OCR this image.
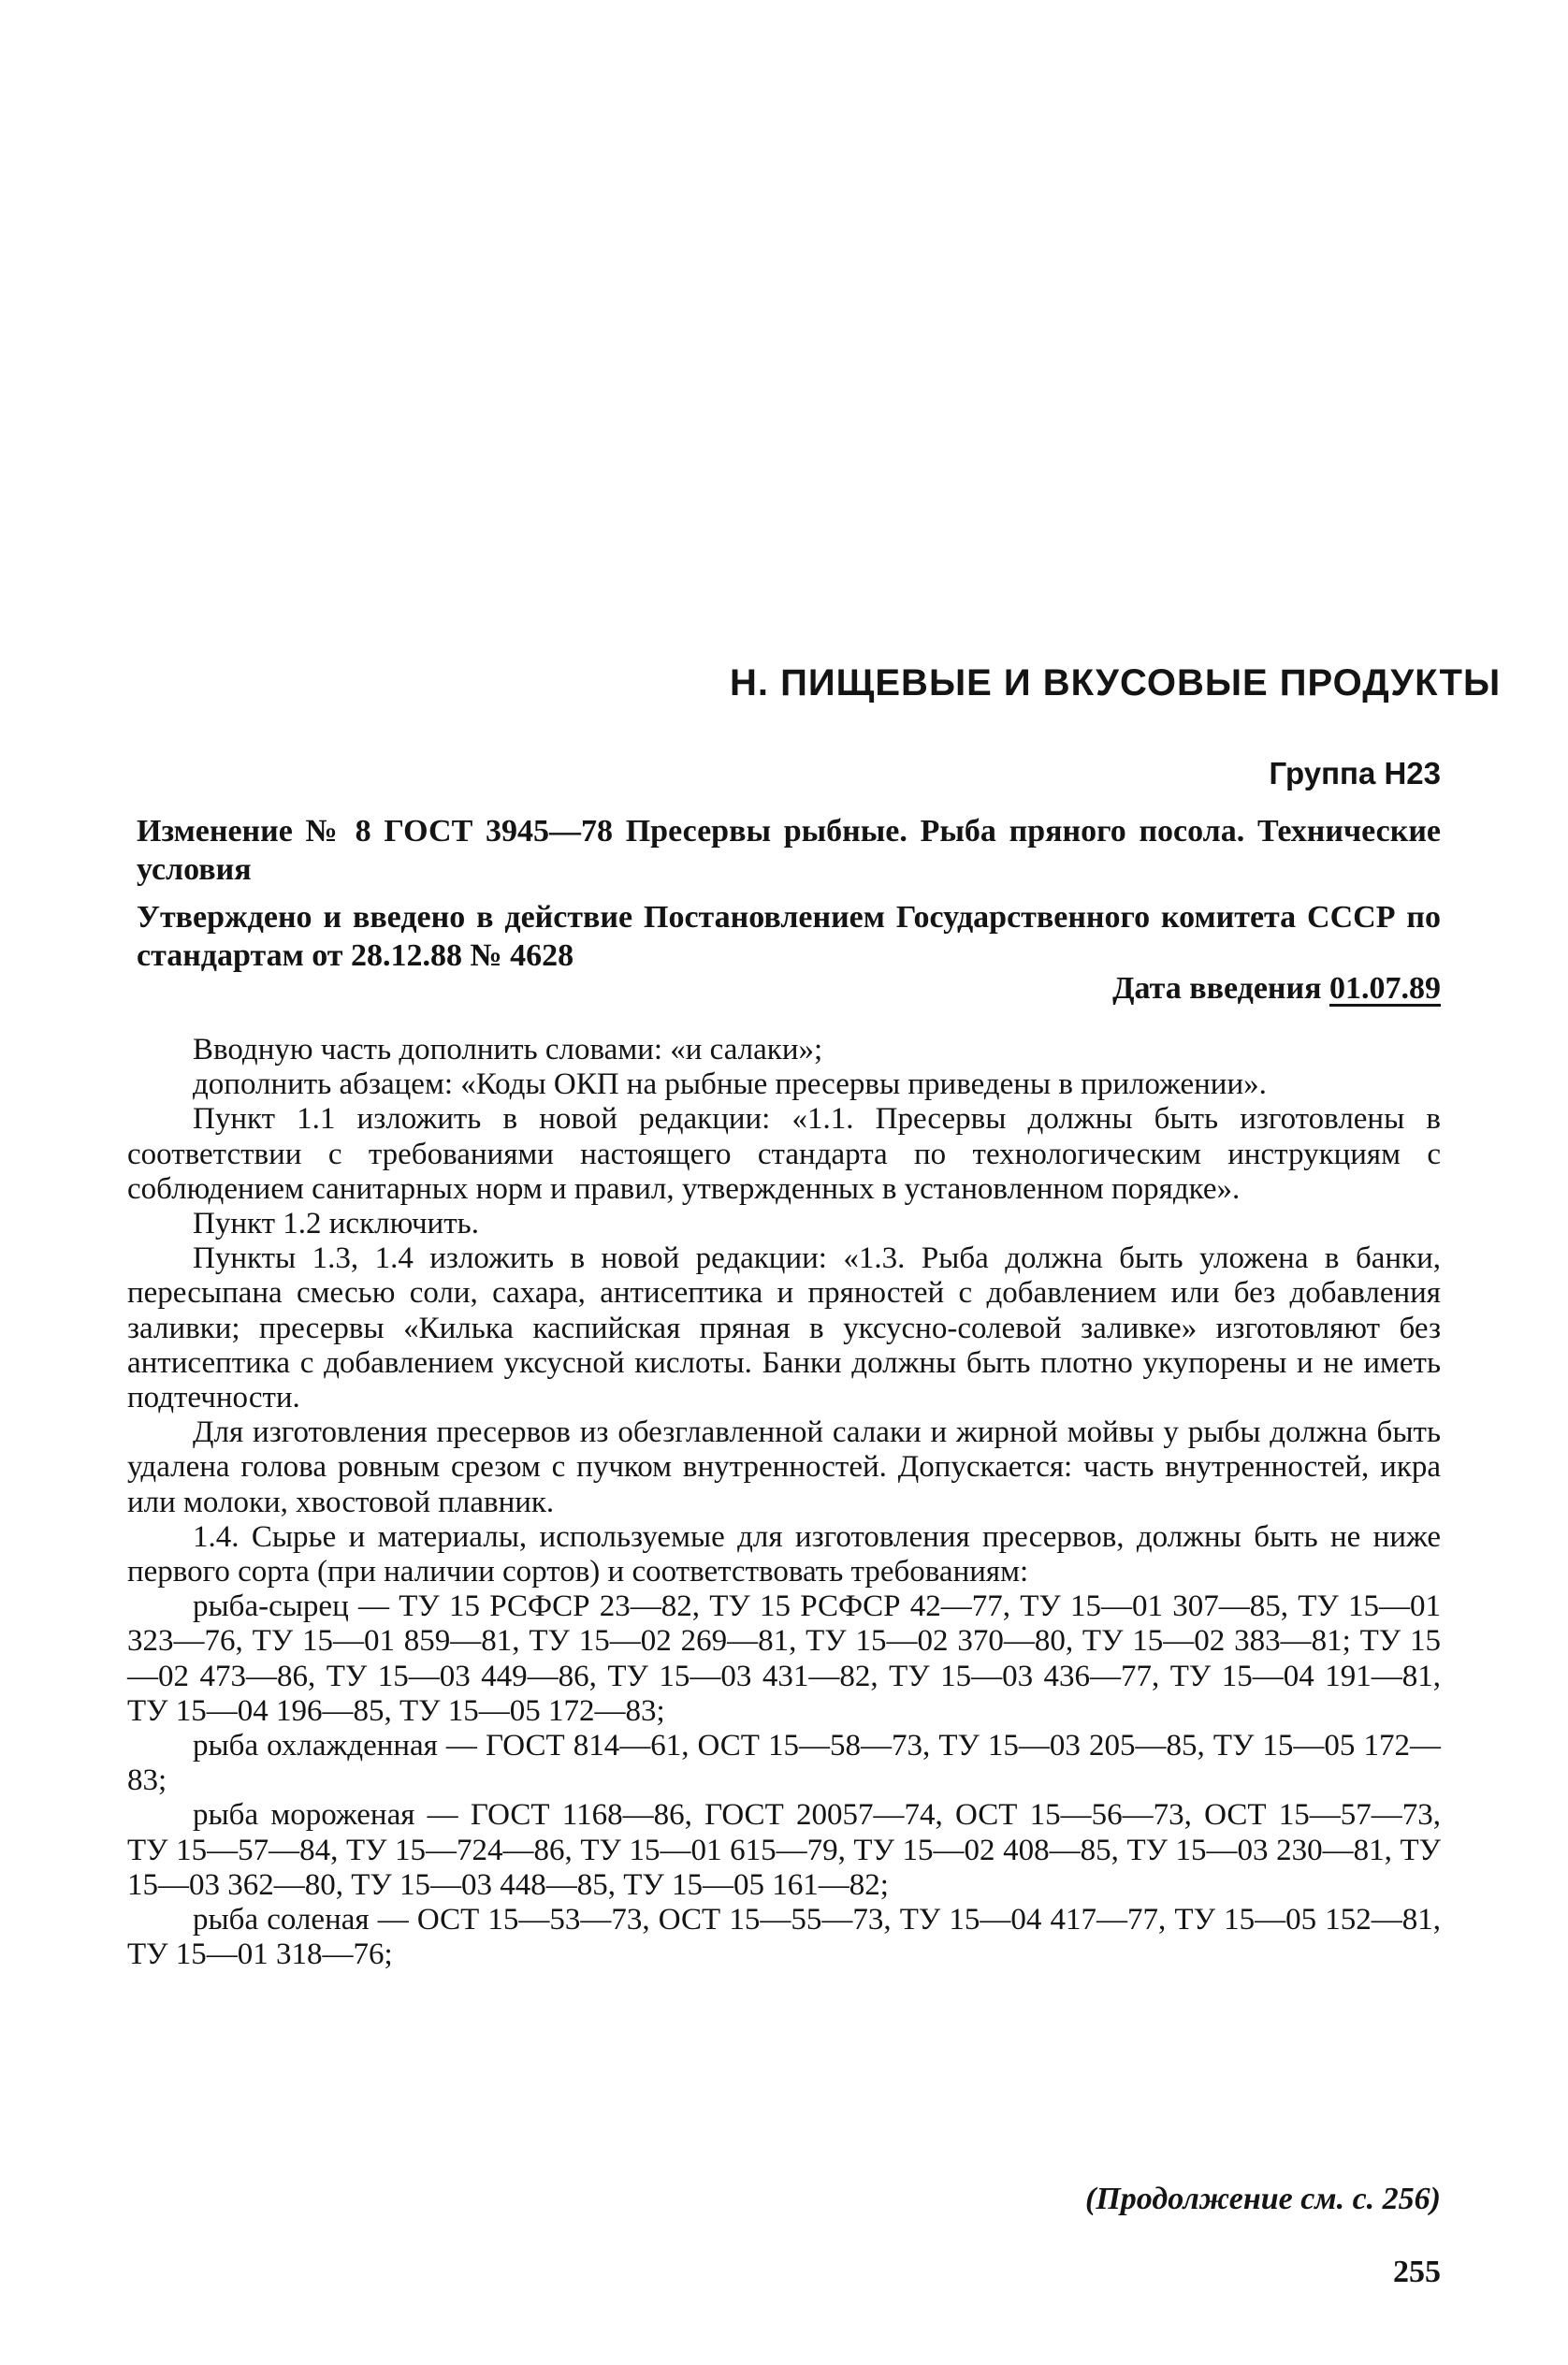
Н. ПИЩЕВЫЕ И ВКУСОВЫЕ ПРОДУКТЫ
Группа Н23
Изменение № 8 ГОСТ 3945—78 Пресервы рыбные. Рыба пряного посола. Технические условия
Утверждено и введено в действие Постановлением Государственного комитета СССР по стандартам от 28.12.88 № 4628
Дата введения 01.07.89

Вводную часть дополнить словами: «и салаки»;

дополнить абзацем: «Коды ОКП на рыбные пресервы приведены в приложении».

Пункт 1.1 изложить в новой редакции: «1.1. Пресервы должны быть изготовлены в соответствии с требованиями настоящего стандарта по технологическим инструкциям с соблюдением санитарных норм и правил, утвержденных в установленном порядке».

Пункт 1.2 исключить.

Пункты 1.3, 1.4 изложить в новой редакции: «1.3. Рыба должна быть уложена в банки, пересыпана смесью соли, сахара, антисептика и пряностей с добавлением или без добавления заливки; пресервы «Килька каспийская пряная в уксусно-солевой заливке» изготовляют без антисептика с добавлением уксусной кислоты. Банки должны быть плотно укупорены и не иметь подтечности.

Для изготовления пресервов из обезглавленной салаки и жирной мойвы у рыбы должна быть удалена голова ровным срезом с пучком внутренностей. Допускается: часть внутренностей, икра или молоки, хвостовой плавник.

1.4. Сырье и материалы, используемые для изготовления пресервов, должны быть не ниже первого сорта (при наличии сортов) и соответствовать требованиям:

рыба-сырец — ТУ 15 РСФСР 23—82, ТУ 15 РСФСР 42—77, ТУ 15—01 307—85, ТУ 15—01 323—76, ТУ 15—01 859—81, ТУ 15—02 269—81, ТУ 15—02 370—80, ТУ 15—02 383—81; ТУ 15—02 473—86, ТУ 15—03 449—86, ТУ 15—03 431—82, ТУ 15—03 436—77, ТУ 15—04 191—81, ТУ 15—04 196—85, ТУ 15—05 172—83;

рыба охлажденная — ГОСТ 814—61, ОСТ 15—58—73, ТУ 15—03 205—85, ТУ 15—05 172—83;

рыба мороженая — ГОСТ 1168—86, ГОСТ 20057—74, ОСТ 15—56—73, ОСТ 15—57—73, ТУ 15—57—84, ТУ 15—724—86, ТУ 15—01 615—79, ТУ 15—02 408—85, ТУ 15—03 230—81, ТУ 15—03 362—80, ТУ 15—03 448—85, ТУ 15—05 161—82;

рыба соленая — ОСТ 15—53—73, ОСТ 15—55—73, ТУ 15—04 417—77, ТУ 15—05 152—81, ТУ 15—01 318—76;

(Продолжение см. с. 256)
255
